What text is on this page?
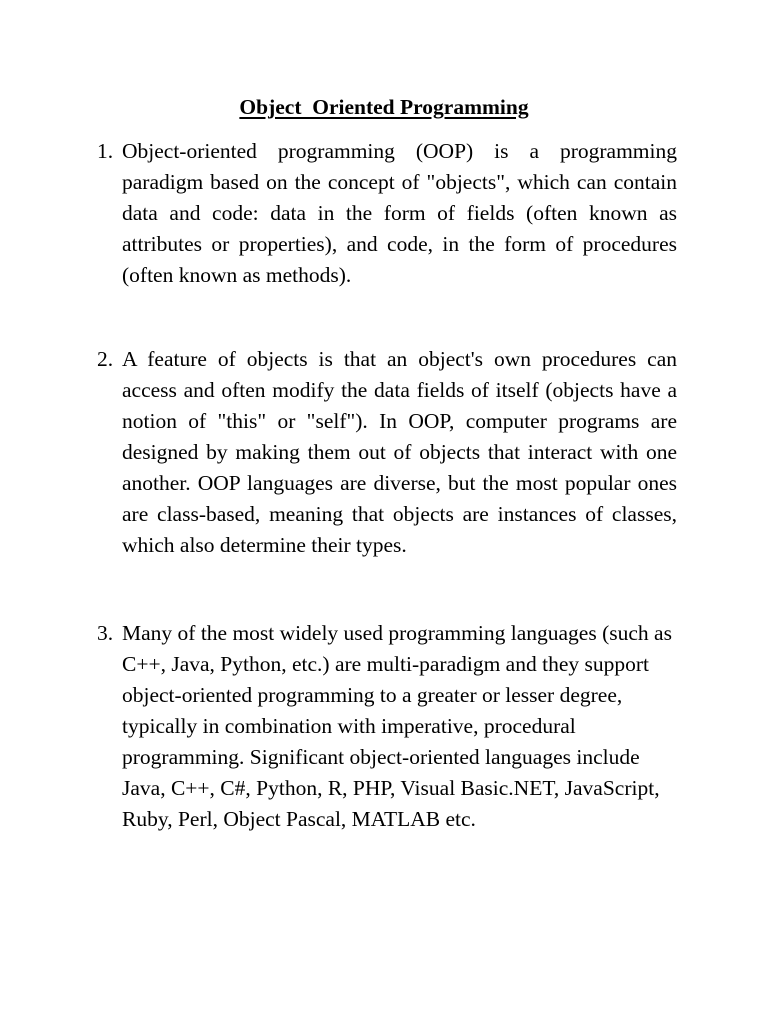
Object  Oriented Programming
1. Object-oriented programming (OOP) is a programming paradigm based on the concept of "objects", which can contain data and code: data in the form of fields (often known as attributes or properties), and code, in the form of procedures (often known as methods).
2. A feature of objects is that an object's own procedures can access and often modify the data fields of itself (objects have a notion of "this" or "self"). In OOP, computer programs are designed by making them out of objects that interact with one another. OOP languages are diverse, but the most popular ones are class-based, meaning that objects are instances of classes, which also determine their types.
3. Many of the most widely used programming languages (such as C++, Java, Python, etc.) are multi-paradigm and they support object-oriented programming to a greater or lesser degree, typically in combination with imperative, procedural programming. Significant object-oriented languages include Java, C++, C#, Python, R, PHP, Visual Basic.NET, JavaScript, Ruby, Perl, Object Pascal, MATLAB etc.
